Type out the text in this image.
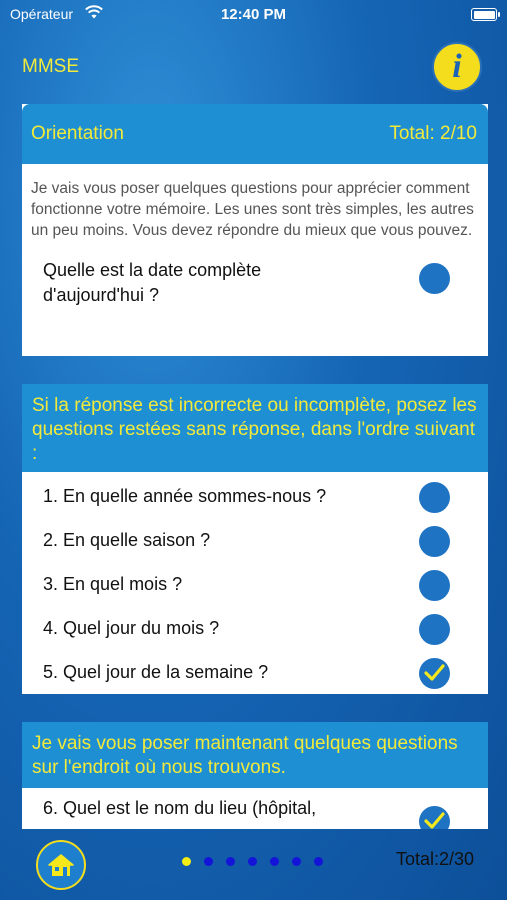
Opérateur	12:40 PM
MMSE	i
Orientation	Total: 2/10
Je vais vous poser quelques questions pour apprécier comment fonctionne votre mémoire. Les unes sont très simples, les autres un peu moins. Vous devez répondre du mieux que vous pouvez.
Quelle est la date complète
d'aujourd'hui ?
Si la réponse est incorrecte ou incomplète, posez les questions restées sans réponse, dans l'ordre suivant :
1. En quelle année sommes-nous ?
2. En quelle saison ?
3. En quel mois ?
4. Quel jour du mois ?
5. Quel jour de la semaine ?
Je vais vous poser maintenant quelques questions sur l'endroit où nous trouvons.
6. Quel est le nom du lieu (hôpital,
Total:2/30
